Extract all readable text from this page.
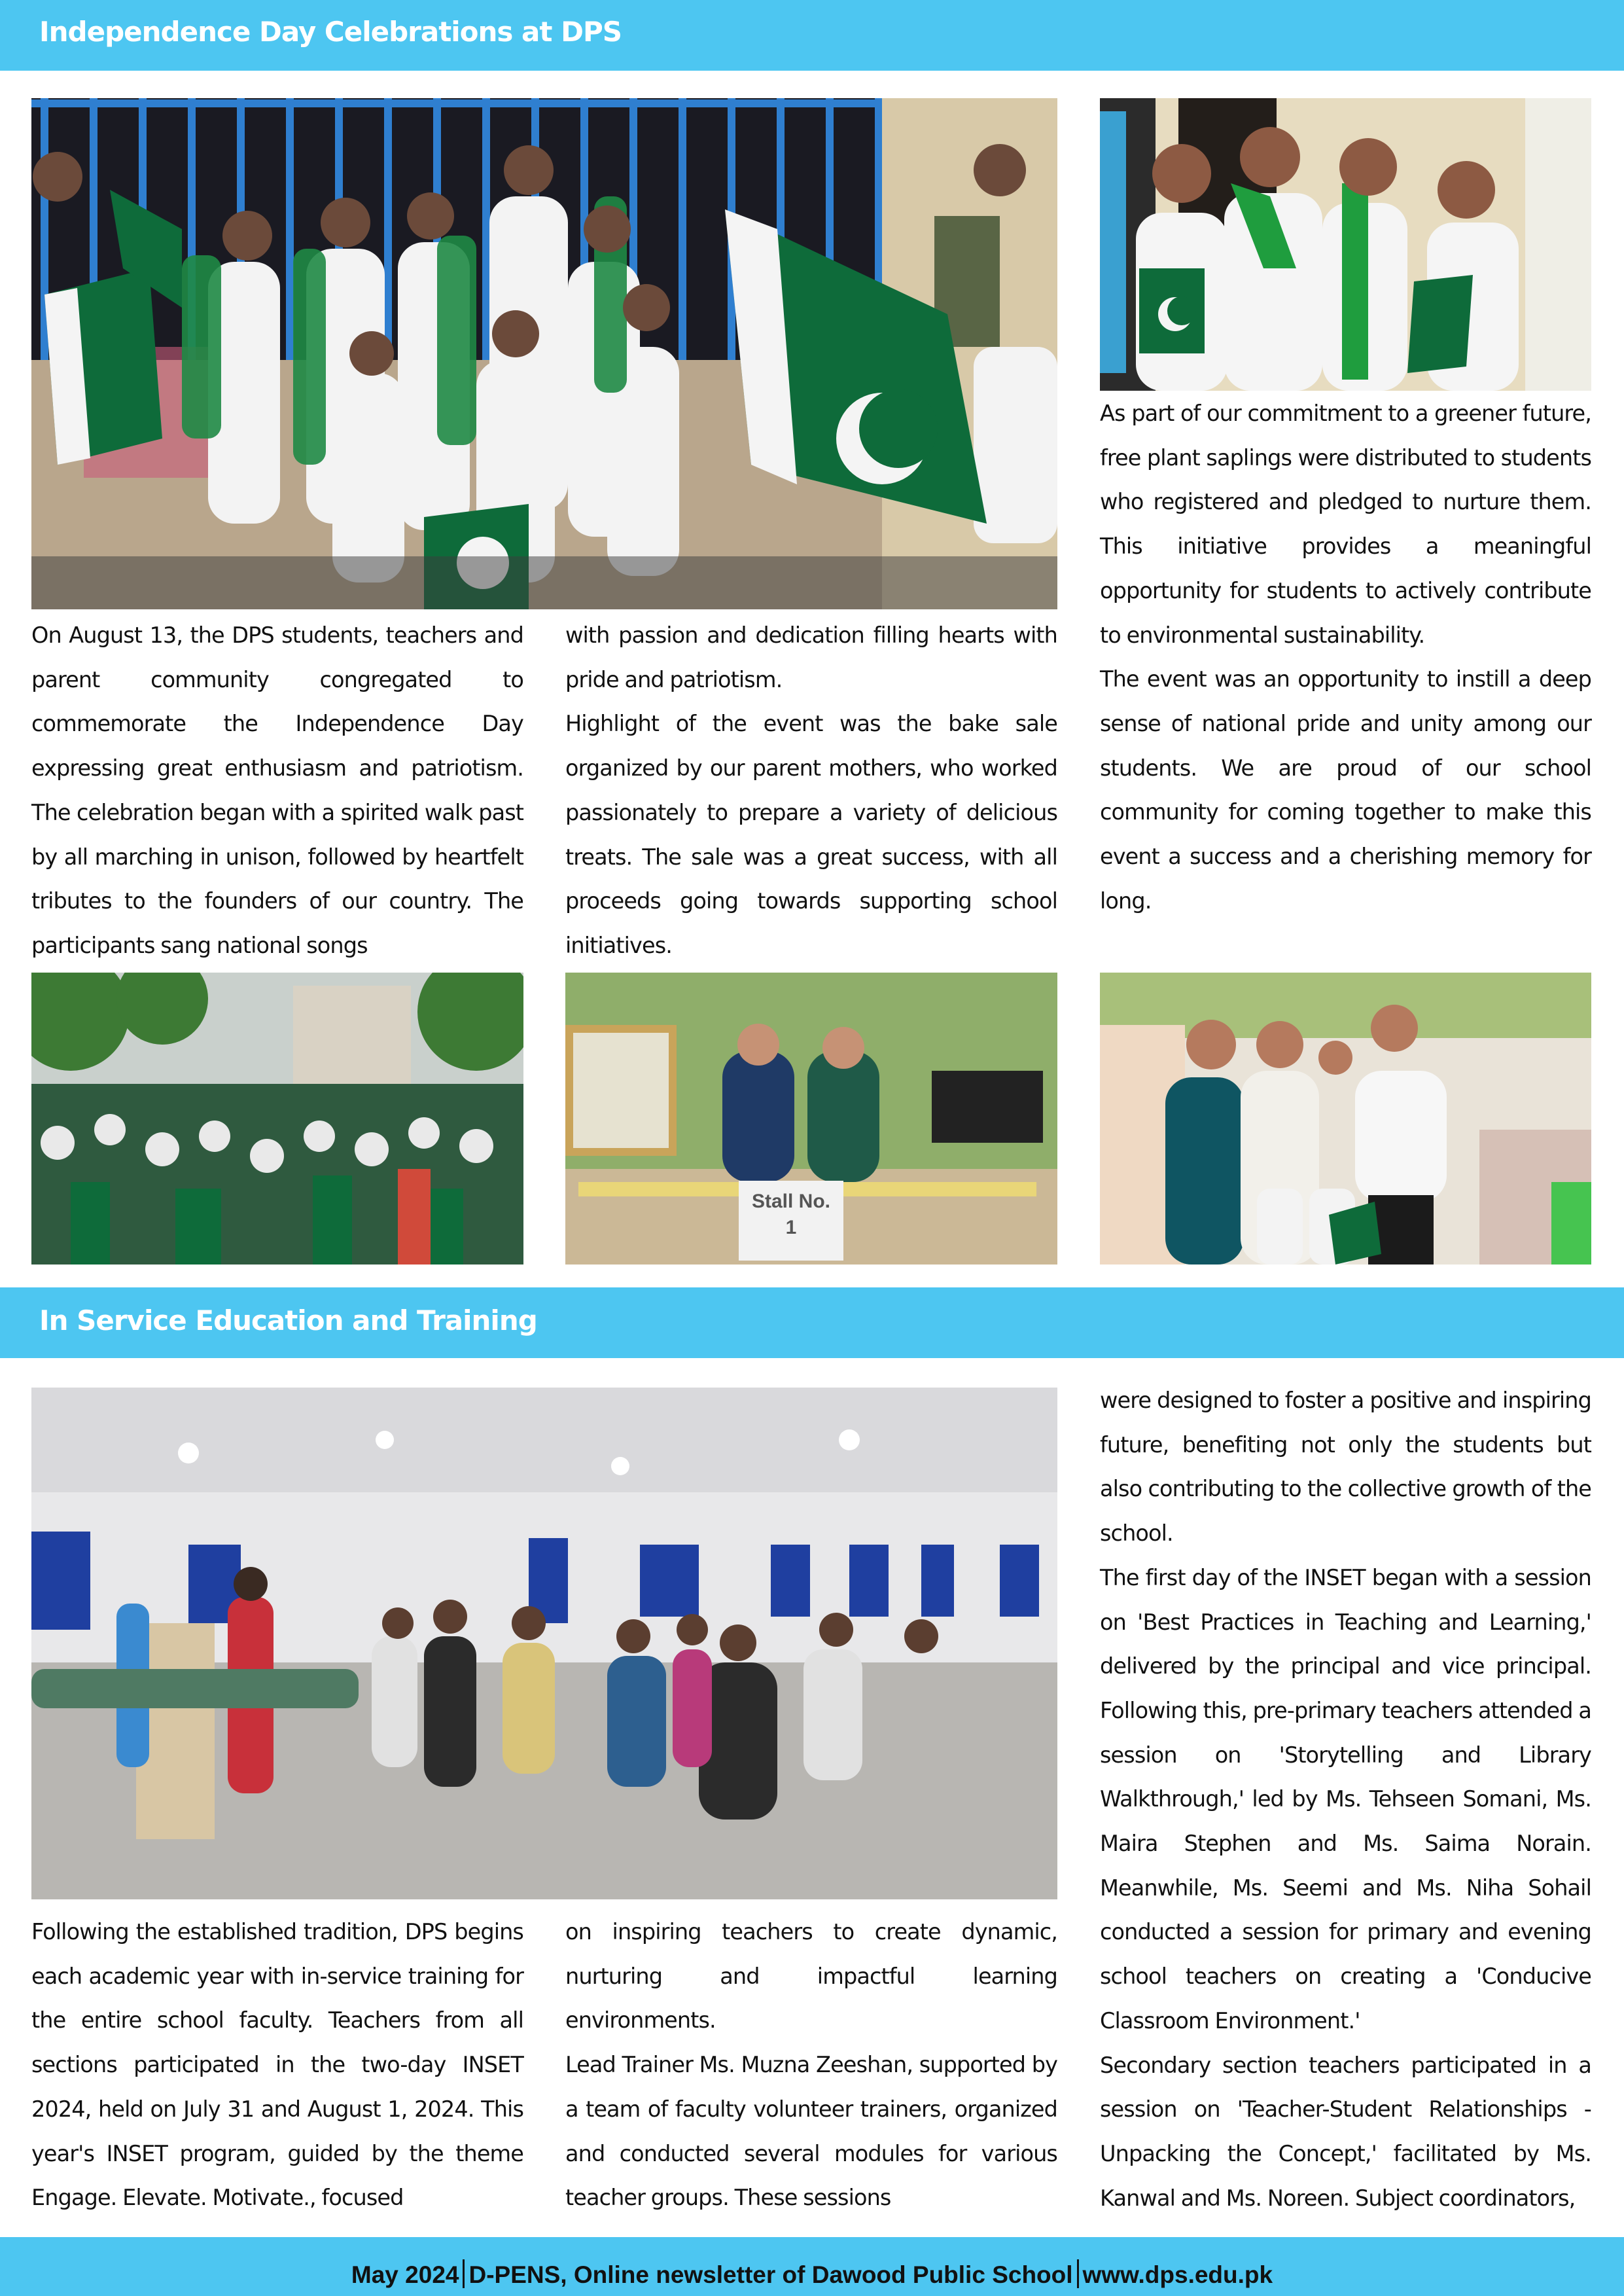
Independence Day Celebrations at DPS

On August 13, the DPS students, teachers and parent community congregated to commemorate the Independence Day expressing great enthusiasm and patriotism. The celebration began with a spirited walk past by all marching in unison, followed by heartfelt tributes to the founders of our country. The participants sang national songs

with passion and dedication filling hearts with pride and patriotism.

Highlight of the event was the bake sale organized by our parent mothers, who worked passionately to prepare a variety of delicious treats. The sale was a great success, with all proceeds going towards supporting school initiatives.

As part of our commitment to a greener future, free plant saplings were distributed to students who registered and pledged to nurture them. This initiative provides a meaningful opportunity for students to actively contribute to environmental sustainability.

The event was an opportunity to instill a deep sense of national pride and unity among our students. We are proud of our school community for coming together to make this event a success and a cherishing memory for long.

Stall No.
1
In Service Education and Training

Following the established tradition, DPS begins each academic year with in-service training for the entire school faculty. Teachers from all sections participated in the two-day INSET 2024, held on July 31 and August 1, 2024. This year's INSET program, guided by the theme Engage. Elevate. Motivate., focused

on inspiring teachers to create dynamic, nurturing and impactful learning environments.

Lead Trainer Ms. Muzna Zeeshan, supported by a team of faculty volunteer trainers, organized and conducted several modules for various teacher groups. These sessions

were designed to foster a positive and inspiring future, benefiting not only the students but also contributing to the collective growth of the school.

The first day of the INSET began with a session on 'Best Practices in Teaching and Learning,' delivered by the principal and vice principal. Following this, pre-primary teachers attended a session on 'Storytelling and Library Walkthrough,' led by Ms. Tehseen Somani, Ms. Maira Stephen and Ms. Saima Norain. Meanwhile, Ms. Seemi and Ms. Niha Sohail conducted a session for primary and evening school teachers on creating a 'Conducive Classroom Environment.'

Secondary section teachers participated in a session on 'Teacher-Student Relationships - Unpacking the Concept,' facilitated by Ms. Kanwal and Ms. Noreen. Subject coordinators,

May 2024 D-PENS, Online newsletter of Dawood Public School www.dps.edu.pk
